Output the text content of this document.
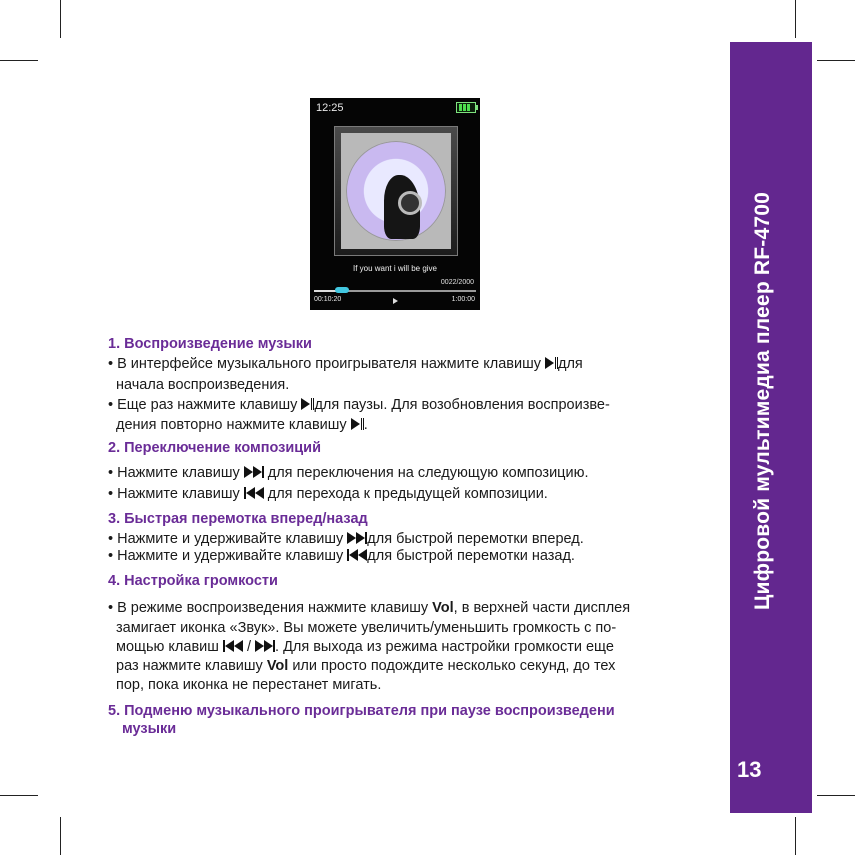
Цифровой мультимедиа плеер RF-4700
13
12:25
If you want i will be give
0022/2000
00:10:20	1:00:00
1. Воспроизведение музыки
• В интерфейсе музыкального проигрывателя нажмите клавишу для
начала воспроизведения.
• Еще раз нажмите клавишу для паузы. Для возобновления воспроизве-
дения повторно нажмите клавишу .
2. Переключение композиций
• Нажмите клавишу  для переключения на следующую композицию.
• Нажмите клавишу  для перехода к предыдущей композиции.
3. Быстрая перемотка вперед/назад
• Нажмите и удерживайте клавишу для быстрой перемотки вперед.
• Нажмите и удерживайте клавишу для быстрой перемотки назад.
4. Настройка громкости
• В режиме воспроизведения нажмите клавишу Vol, в верхней части дисплея
замигает иконка «Звук». Вы можете увеличить/уменьшить громкость с по-
мощью клавиш  / . Для выхода из режима настройки громкости еще
раз нажмите клавишу Vol или просто подождите несколько секунд, до тех
пор, пока иконка не перестанет мигать.
5. Подменю музыкального проигрывателя при паузе воспроизведени
музыки
